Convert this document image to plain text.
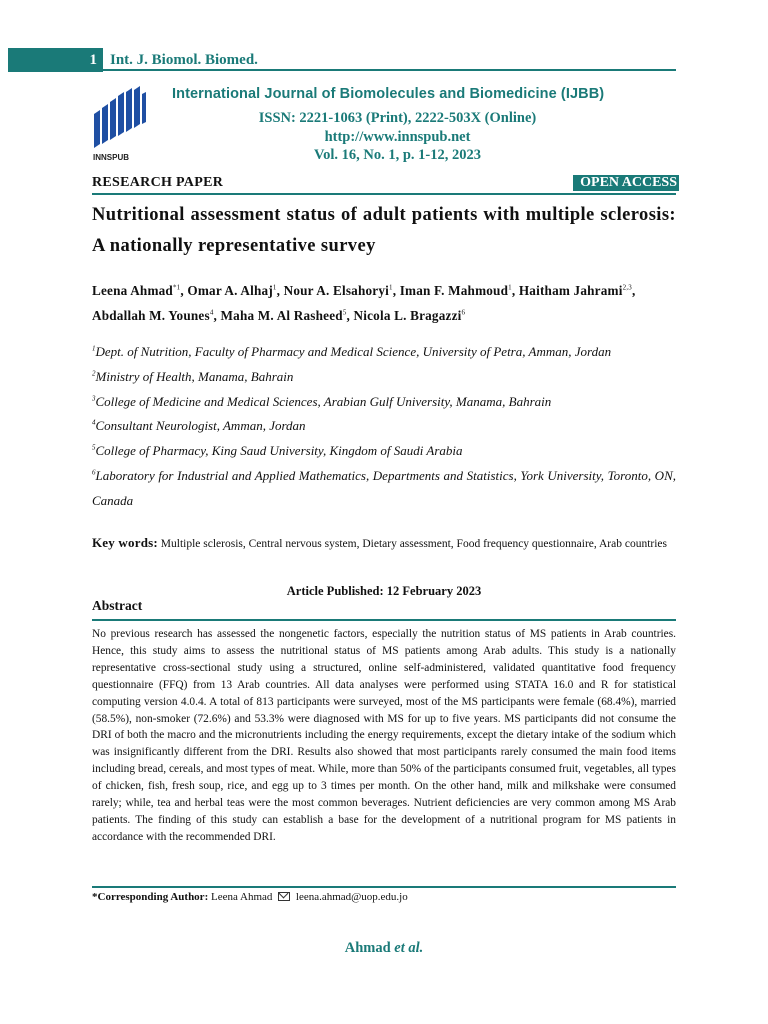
1 Int. J. Biomol. Biomed.
INNSPUB
International Journal of Biomolecules and Biomedicine (IJBB)
ISSN: 2221-1063 (Print), 2222-503X (Online)
http://www.innspub.net
Vol. 16, No. 1, p. 1-12, 2023
RESEARCH PAPER	OPEN ACCESS
Nutritional assessment status of adult patients with multiple sclerosis: A nationally representative survey
Leena Ahmad$^{*1}$, Omar A. Alhaj$^1$, Nour A. Elsahoryi$^1$, Iman F. Mahmoud$^1$, Haitham Jahrami$^{2,3}$, Abdallah M. Younes$^4$, Maha M. Al Rasheed$^5$, Nicola L. Bragazzi$^6$
$^1$Dept. of Nutrition, Faculty of Pharmacy and Medical Science, University of Petra, Amman, Jordan
$^2$Ministry of Health, Manama, Bahrain
$^3$College of Medicine and Medical Sciences, Arabian Gulf University, Manama, Bahrain
$^4$Consultant Neurologist, Amman, Jordan
$^5$College of Pharmacy, King Saud University, Kingdom of Saudi Arabia
$^6$Laboratory for Industrial and Applied Mathematics, Departments and Statistics, York University, Toronto, ON, Canada
Key words: Multiple sclerosis, Central nervous system, Dietary assessment, Food frequency questionnaire, Arab countries
Article Published: 12 February 2023
Abstract
No previous research has assessed the nongenetic factors, especially the nutrition status of MS patients in Arab countries. Hence, this study aims to assess the nutritional status of MS patients among Arab adults. This study is a nationally representative cross-sectional study using a structured, online self-administered, validated quantitative food frequency questionnaire (FFQ) from 13 Arab countries. All data analyses were performed using STATA 16.0 and R for statistical computing version 4.0.4. A total of 813 participants were surveyed, most of the MS participants were female (68.4%), married (58.5%), non-smoker (72.6%) and 53.3% were diagnosed with MS for up to five years. MS participants did not consume the DRI of both the macro and the micronutrients including the energy requirements, except the dietary intake of the sodium which was insignificantly different from the DRI. Results also showed that most participants rarely consumed the main food items including bread, cereals, and most types of meat. While, more than 50% of the participants consumed fruit, vegetables, all types of chicken, fish, fresh soup, rice, and egg up to 3 times per month. On the other hand, milk and milkshake were consumed rarely; while, tea and herbal teas were the most common beverages. Nutrient deficiencies are very common among MS Arab patients. The finding of this study can establish a base for the development of a nutritional program for MS patients in accordance with the recommended DRI.
*Corresponding Author: Leena Ahmad leena.ahmad@uop.edu.jo
Ahmad et al.
